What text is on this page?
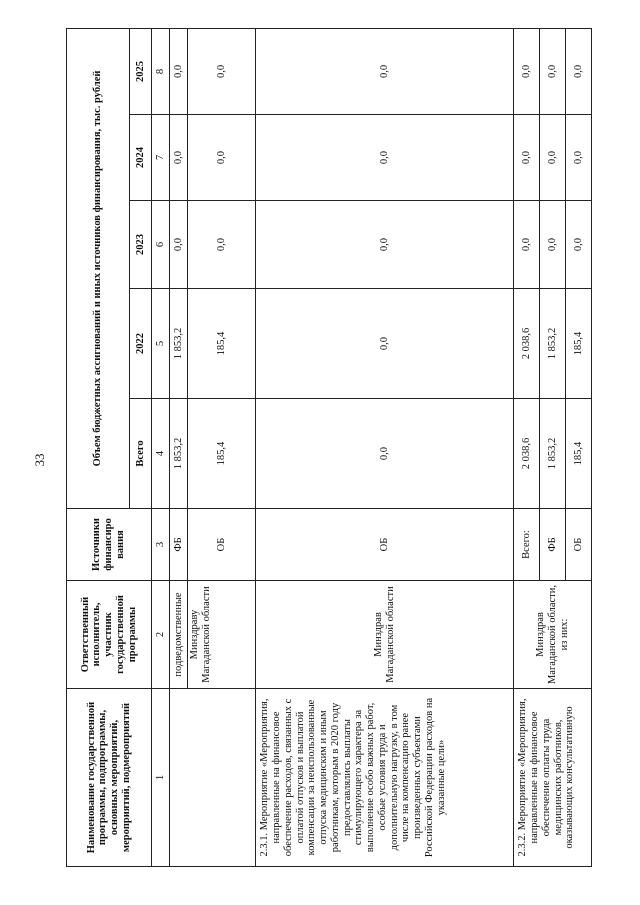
33
Наименование государственной программы, подпрограммы, основных мероприятий, мероприятий, подмероприятий	Ответственный исполнитель, участник государственной программы	Источники финансиро вания	Объем бюджетных ассигнований и иных источников финансирования, тыс. рублей				
			Всего	2022	2023	2024	2025
1	2	3	4	5	6	7	8
	подведомственные	ФБ	1 853,2	1 853,2	0,0	0,0	0,0
	Минздраву Магаданской области	ОБ	185,4	185,4	0,0	0,0	0,0
2.3.1. Мероприятие «Мероприятия, направленные на финансовое обеспечение расходов, связанных с оплатой отпусков и выплатой компенсации за неиспользованные отпуска медицинским и иным работникам, которым в 2020 году предоставлялись выплаты стимулирующего характера за выполнение особо важных работ, особые условия труда и дополнительную нагрузку, в том числе на компенсацию ранее произведенных субъектами Российской Федерации расходов на указанные цели»	Минздрав Магаданской области	ОБ	0,0	0,0	0,0	0,0	0,0
2.3.2. Мероприятие «Мероприятия, направленные на финансовое обеспечение оплаты труда медицинских работников, оказывающих консультативную	Минздрав Магаданской области, из них:	Всего:	2 038,6	2 038,6	0,0	0,0	0,0
		ФБ	1 853,2	1 853,2	0,0	0,0	0,0
		ОБ	185,4	185,4	0,0	0,0	0,0
